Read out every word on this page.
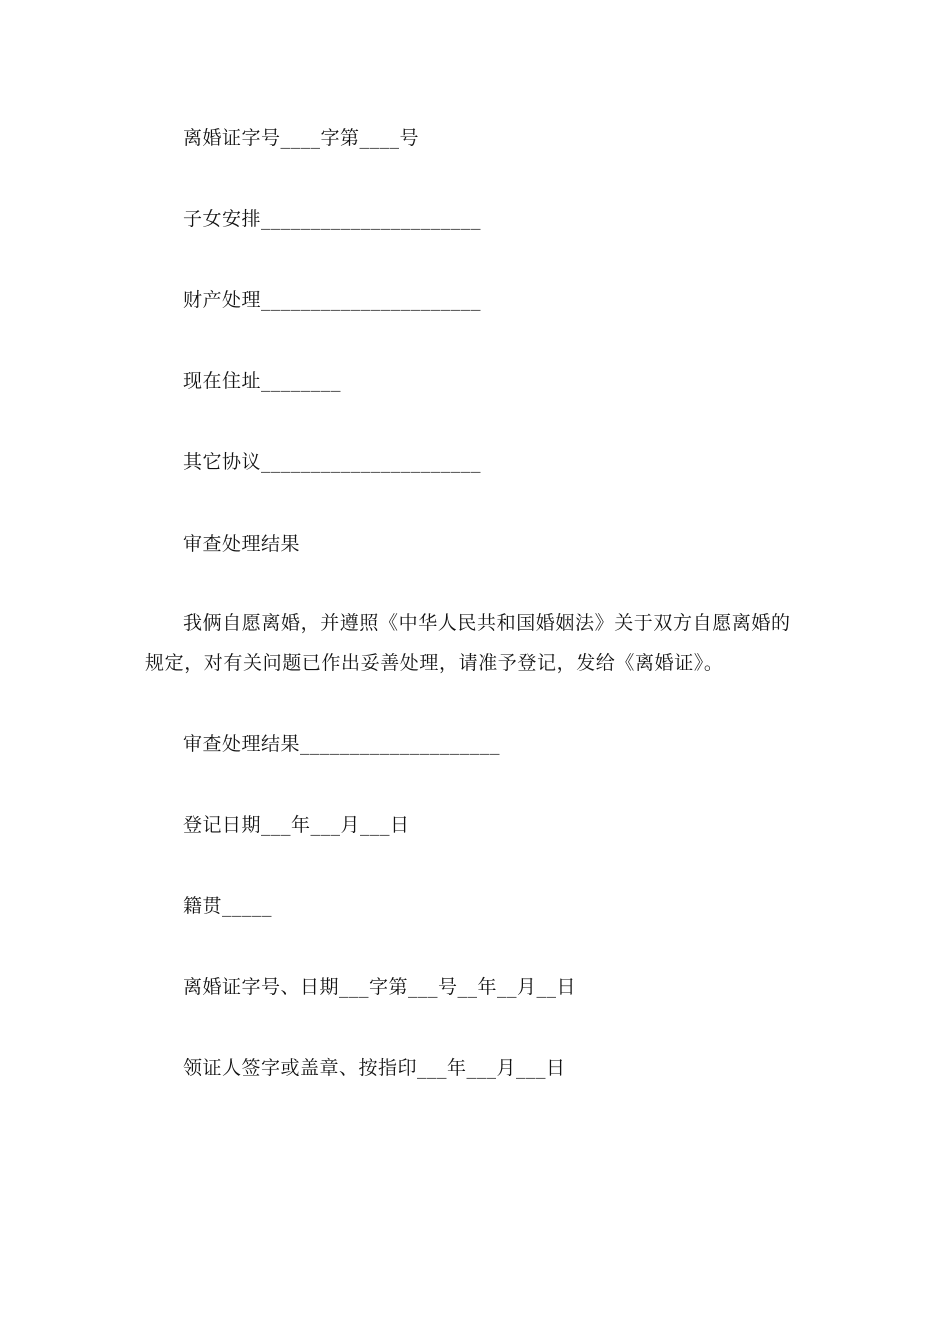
离婚证字号____字第____号
子女安排______________________
财产处理______________________
现在住址________
其它协议______________________
审查处理结果
我俩自愿离婚，并遵照《中华人民共和国婚姻法》关于双方自愿离婚的规定，对有关问题已作出妥善处理，请准予登记，发给《离婚证》。
审查处理结果____________________
登记日期___年___月___日
籍贯_____
离婚证字号、日期___字第___号__年__月__日
领证人签字或盖章、按指印___年___月___日
